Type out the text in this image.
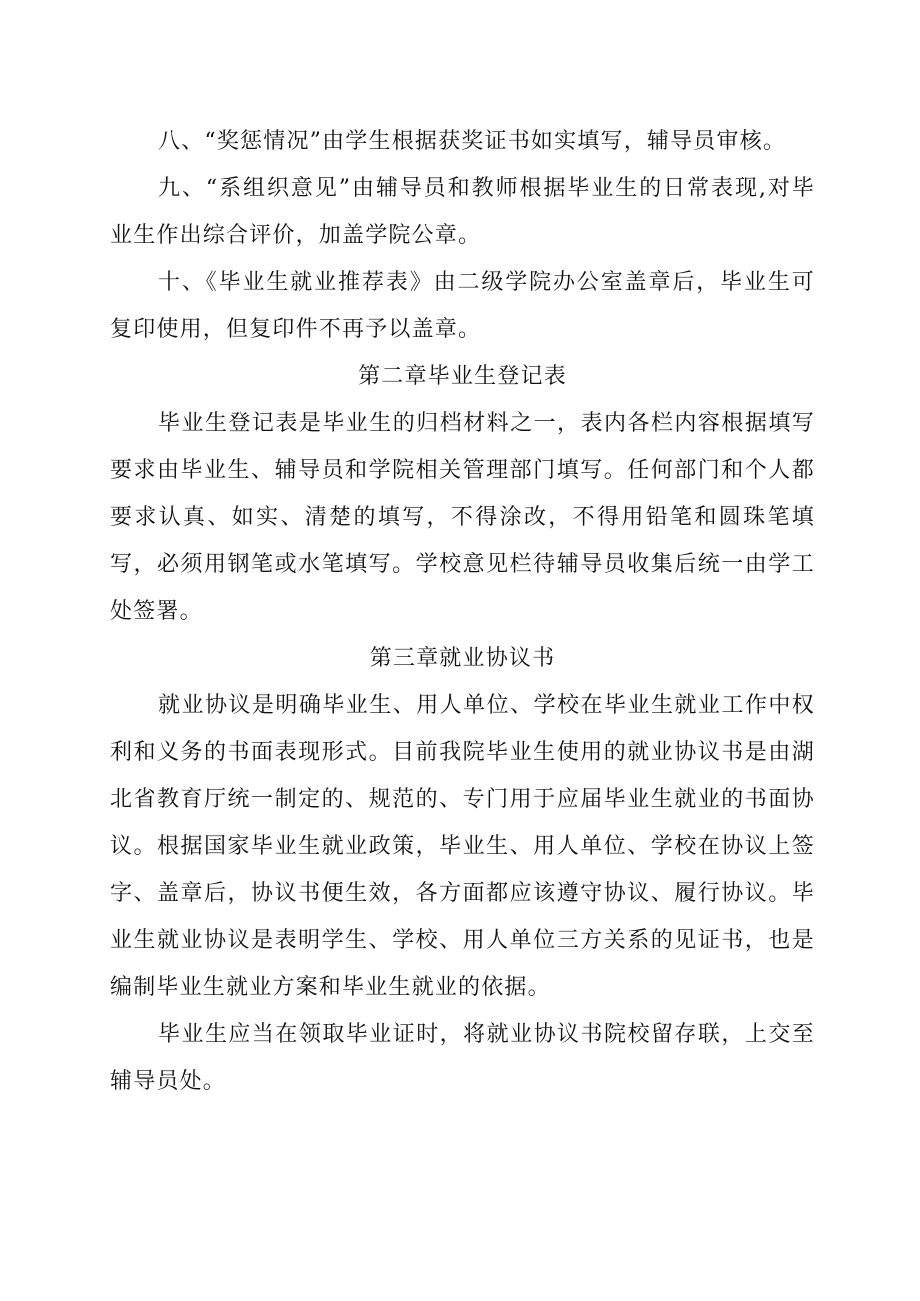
八、“奖惩情况”由学生根据获奖证书如实填写，辅导员审核。

九、“系组织意见”由辅导员和教师根据毕业生的日常表现,对毕业生作出综合评价，加盖学院公章。

十、《毕业生就业推荐表》由二级学院办公室盖章后，毕业生可复印使用，但复印件不再予以盖章。

第二章毕业生登记表

毕业生登记表是毕业生的归档材料之一，表内各栏内容根据填写要求由毕业生、辅导员和学院相关管理部门填写。任何部门和个人都要求认真、如实、清楚的填写，不得涂改，不得用铅笔和圆珠笔填写，必须用钢笔或水笔填写。学校意见栏待辅导员收集后统一由学工处签署。

第三章就业协议书

就业协议是明确毕业生、用人单位、学校在毕业生就业工作中权利和义务的书面表现形式。目前我院毕业生使用的就业协议书是由湖北省教育厅统一制定的、规范的、专门用于应届毕业生就业的书面协议。根据国家毕业生就业政策，毕业生、用人单位、学校在协议上签字、盖章后，协议书便生效，各方面都应该遵守协议、履行协议。毕业生就业协议是表明学生、学校、用人单位三方关系的见证书，也是编制毕业生就业方案和毕业生就业的依据。

毕业生应当在领取毕业证时，将就业协议书院校留存联，上交至辅导员处。
